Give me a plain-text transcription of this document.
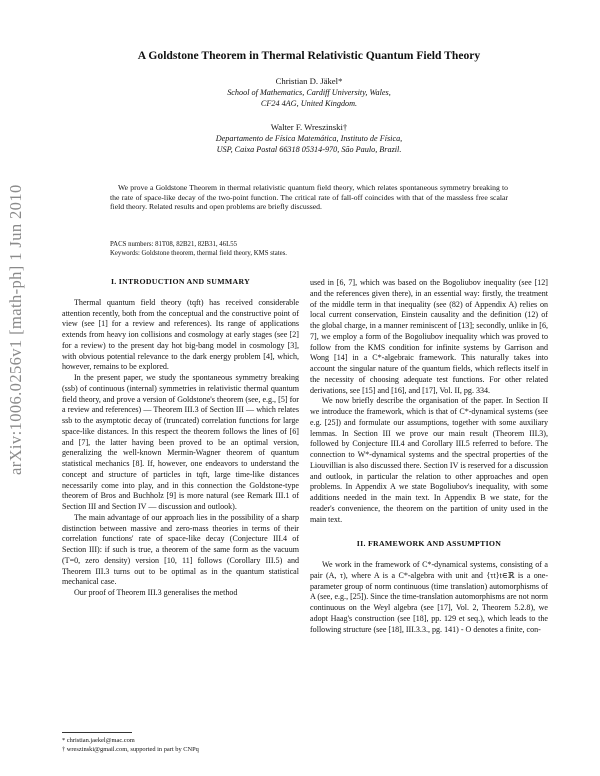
arXiv:1006.0256v1 [math-ph] 1 Jun 2010
A Goldstone Theorem in Thermal Relativistic Quantum Field Theory
Christian D. Jäkel*
School of Mathematics, Cardiff University, Wales,
CF24 4AG, United Kingdom.
Walter F. Wreszinski†
Departamento de Física Matemática, Instituto de Física,
USP, Caixa Postal 66318 05314-970, São Paulo, Brazil.
We prove a Goldstone Theorem in thermal relativistic quantum field theory, which relates spontaneous symmetry breaking to the rate of space-like decay of the two-point function. The critical rate of fall-off coincides with that of the massless free scalar field theory. Related results and open problems are briefly discussed.
PACS numbers: 81T08, 82B21, 82B31, 46L55
Keywords: Goldstone theorem, thermal field theory, KMS states.
I. INTRODUCTION AND SUMMARY

Thermal quantum field theory (tqft) has received considerable attention recently, both from the conceptual and the constructive point of view (see [1] for a review and references). Its range of applications extends from heavy ion collisions and cosmology at early stages (see [2] for a review) to the present day hot big-bang model in cosmology [3], with obvious potential relevance to the dark energy problem [4], which, however, remains to be explored.

In the present paper, we study the spontaneous symmetry breaking (ssb) of continuous (internal) symmetries in relativistic thermal quantum field theory, and prove a version of Goldstone's theorem (see, e.g., [5] for a review and references) — Theorem III.3 of Section III — which relates ssb to the asymptotic decay of (truncated) correlation functions for large space-like distances. In this respect the theorem follows the lines of [6] and [7], the latter having been proved to be an optimal version, generalizing the well-known Mermin-Wagner theorem of quantum statistical mechanics [8]. If, however, one endeavors to understand the concept and structure of particles in tqft, large time-like distances necessarily come into play, and in this connection the Goldstone-type theorem of Bros and Buchholz [9] is more natural (see Remark III.1 of Section III and Section IV — discussion and outlook).

The main advantage of our approach lies in the possibility of a sharp distinction between massive and zero-mass theories in terms of their correlation functions' rate of space-like decay (Conjecture III.4 of Section III): if such is true, a theorem of the same form as the vacuum (T=0, zero density) version [10, 11] follows (Corollary III.5) and Theorem III.3 turns out to be optimal as in the quantum statistical mechanical case.

Our proof of Theorem III.3 generalises the method

used in [6, 7], which was based on the Bogoliubov inequality (see [12] and the references given there), in an essential way: firstly, the treatment of the middle term in that inequality (see (82) of Appendix A) relies on local current conservation, Einstein causality and the definition (12) of the global charge, in a manner reminiscent of [13]; secondly, unlike in [6, 7], we employ a form of the Bogoliubov inequality which was proved to follow from the KMS condition for infinite systems by Garrison and Wong [14] in a C*-algebraic framework. This naturally takes into account the singular nature of the quantum fields, which reflects itself in the necessity of choosing adequate test functions. For other related derivations, see [15] and [16], and [17], Vol. II, pg. 334.

We now briefly describe the organisation of the paper. In Section II we introduce the framework, which is that of C*-dynamical systems (see e.g. [25]) and formulate our assumptions, together with some auxiliary lemmas. In Section III we prove our main result (Theorem III.3), followed by Conjecture III.4 and Corollary III.5 referred to before. The connection to W*-dynamical systems and the spectral properties of the Liouvillian is also discussed there. Section IV is reserved for a discussion and outlook, in particular the relation to other approaches and open problems. In Appendix A we state Bogoliubov's inequality, with some additions needed in the main text. In Appendix B we state, for the reader's convenience, the theorem on the partition of unity used in the main text.

II. FRAMEWORK AND ASSUMPTION

We work in the framework of C*-dynamical systems, consisting of a pair (A, τ), where A is a C*-algebra with unit and {τt}t∈ℝ is a one-parameter group of norm continuous (time translation) automorphisms of A (see, e.g., [25]). Since the time-translation automorphisms are not norm continuous on the Weyl algebra (see [17], Vol. 2, Theorem 5.2.8), we adopt Haag's construction (see [18], pp. 129 et seq.), which leads to the following structure (see [18], III.3.3., pg. 141) - O denotes a finite, con-

* christian.jaekel@mac.com
† wreszinski@gmail.com, supported in part by CNPq
